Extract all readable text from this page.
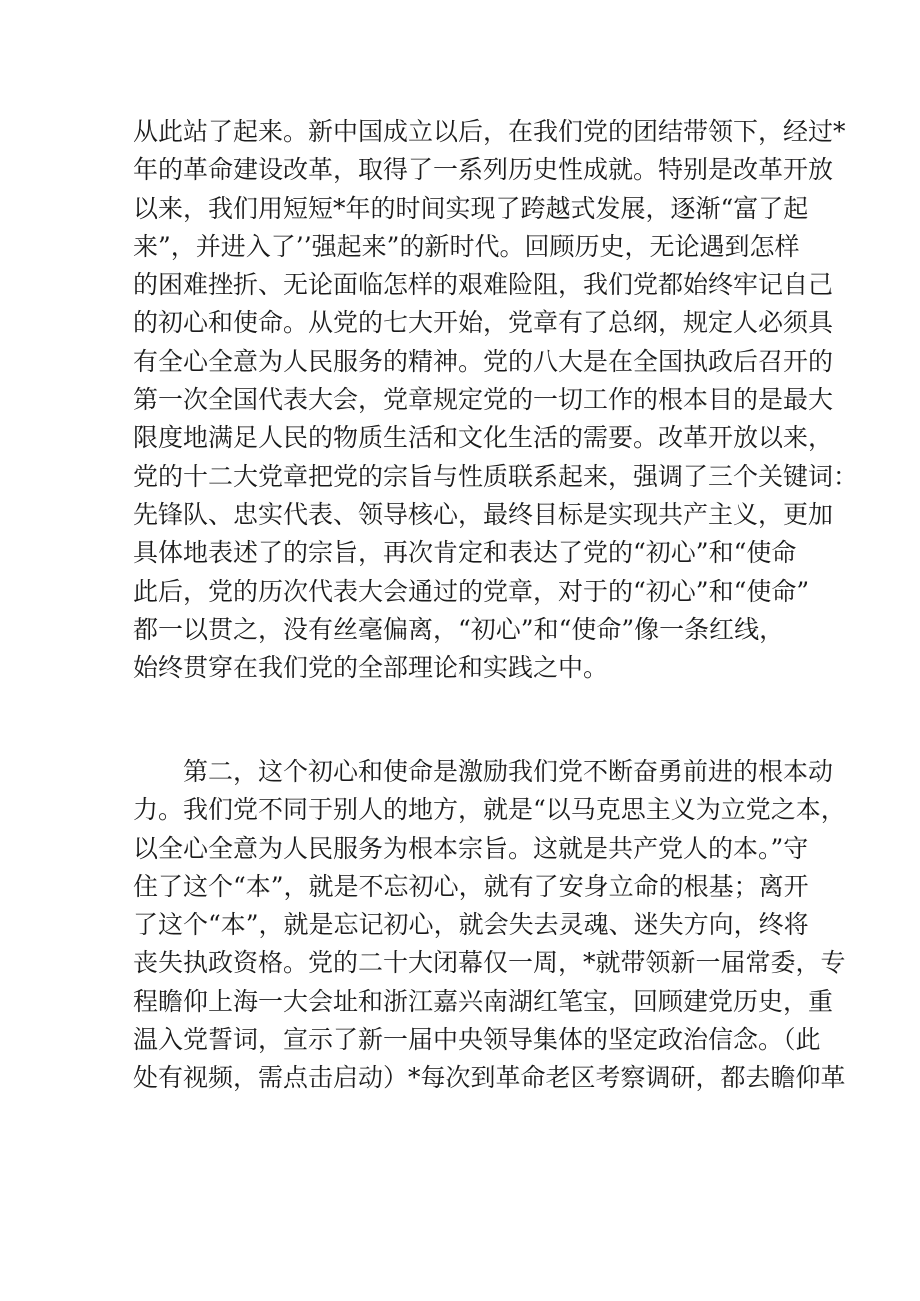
从此站了起来。新中国成立以后，在我们党的团结带领下，经过*
年的革命建设改革，取得了一系列历史性成就。特别是改革开放
以来，我们用短短*年的时间实现了跨越式发展，逐渐“富了起
来”，并进入了’’强起来”的新时代。回顾历史，无论遇到怎样
的困难挫折、无论面临怎样的艰难险阻，我们党都始终牢记自己
的初心和使命。从党的七大开始，党章有了总纲，规定人必须具
有全心全意为人民服务的精神。党的八大是在全国执政后召开的
第一次全国代表大会，党章规定党的一切工作的根本目的是最大
限度地满足人民的物质生活和文化生活的需要。改革开放以来，
党的十二大党章把党的宗旨与性质联系起来，强调了三个关键词：
先锋队、忠实代表、领导核心，最终目标是实现共产主义，更加
具体地表述了的宗旨，再次肯定和表达了党的“初心”和“使命
此后，党的历次代表大会通过的党章，对于的“初心”和“使命”
都一以贯之，没有丝毫偏离，“初心”和“使命”像一条红线，
始终贯穿在我们党的全部理论和实践之中。
　　第二，这个初心和使命是激励我们党不断奋勇前进的根本动
力。我们党不同于别人的地方，就是“以马克思主义为立党之本，
以全心全意为人民服务为根本宗旨。这就是共产党人的本。”守
住了这个“本”，就是不忘初心，就有了安身立命的根基；离开
了这个“本”，就是忘记初心，就会失去灵魂、迷失方向，终将
丧失执政资格。党的二十大闭幕仅一周，*就带领新一届常委，专
程瞻仰上海一大会址和浙江嘉兴南湖红笔宝，回顾建党历史，重
温入党誓词，宣示了新一届中央领导集体的坚定政治信念。（此
处有视频，需点击启动）*每次到革命老区考察调研，都去瞻仰革
